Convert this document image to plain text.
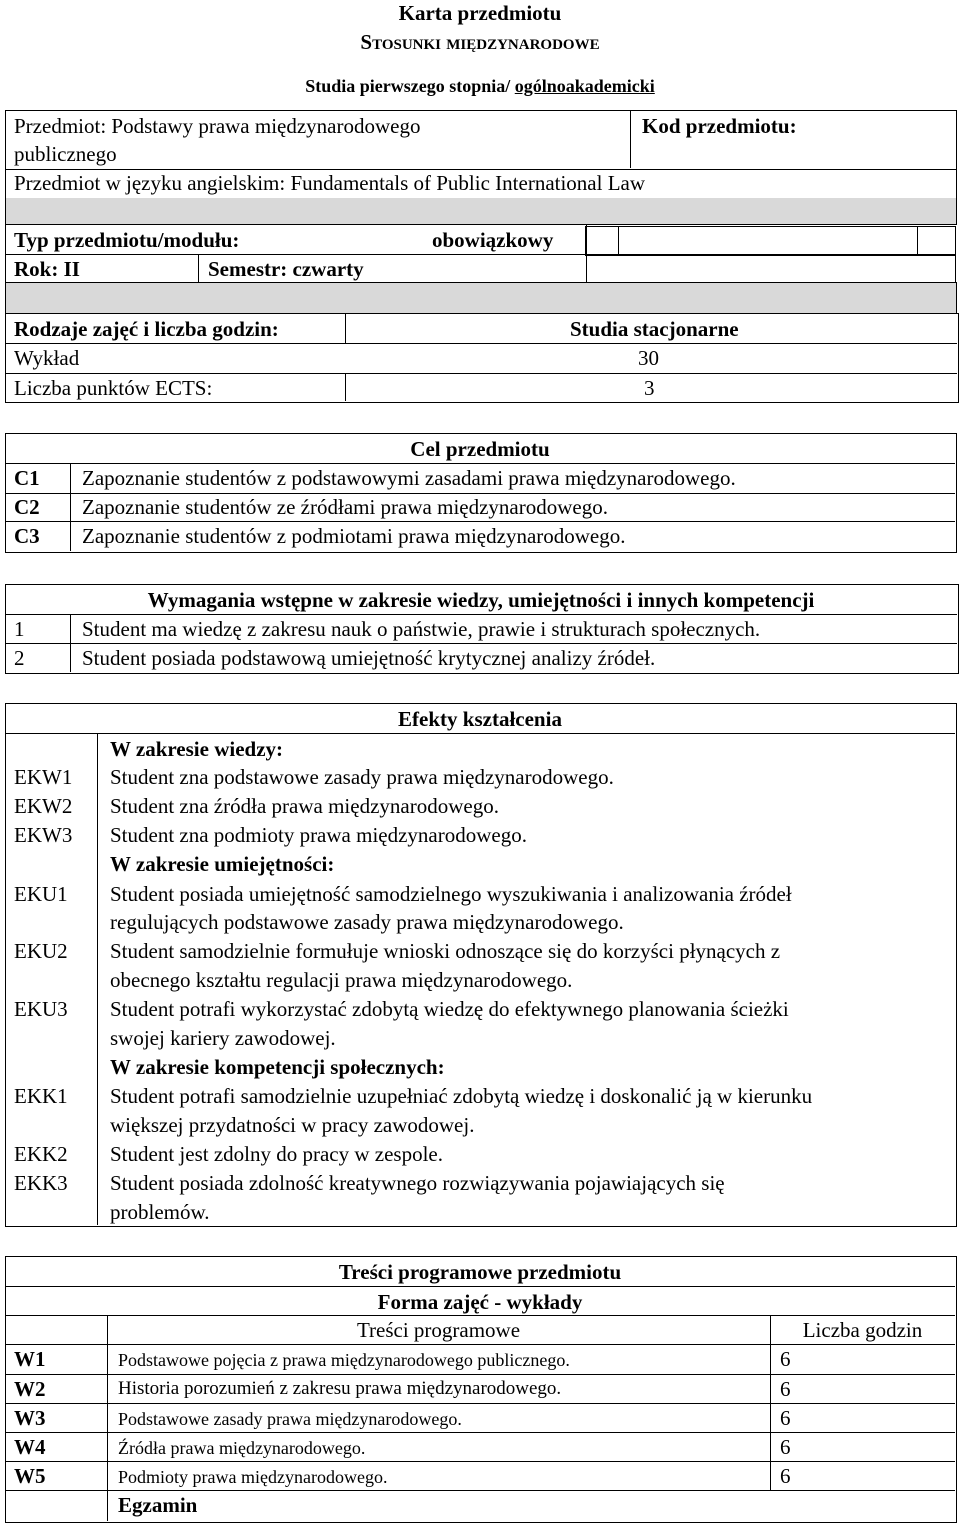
Karta przedmiotu
Stosunki międzynarodowe
Studia pierwszego stopnia/ ogólnoakademicki
Przedmiot: Podstawy prawa międzynarodowego
publicznego
Kod przedmiotu:
Przedmiot w języku angielskim: Fundamentals of Public International Law
Typ przedmiotu/modułu:	obowiązkowy
Rok: II	Semestr: czwarty
Rodzaje zajęć i liczba godzin:	Studia stacjonarne
Wykład	30
Liczba punktów ECTS:	3
Cel przedmiotu
C1 Zapoznanie studentów z podstawowymi zasadami prawa międzynarodowego.
C2 Zapoznanie studentów ze źródłami prawa międzynarodowego.
C3 Zapoznanie studentów z podmiotami prawa międzynarodowego.
Wymagania wstępne w zakresie wiedzy, umiejętności i innych kompetencji
1	Student ma wiedzę z zakresu nauk o państwie, prawie i strukturach społecznych.
2	Student posiada podstawową umiejętność krytycznej analizy źródeł.
Efekty kształcenia
W zakresie wiedzy:
EKW1 Student zna podstawowe zasady prawa międzynarodowego.
EKW2 Student zna źródła prawa międzynarodowego.
EKW3 Student zna podmioty prawa międzynarodowego.
W zakresie umiejętności:
EKU1 Student posiada umiejętność samodzielnego wyszukiwania i analizowania źródeł
regulujących podstawowe zasady prawa międzynarodowego.
EKU2 Student samodzielnie formułuje wnioski odnoszące się do korzyści płynących z
obecnego kształtu regulacji prawa międzynarodowego.
EKU3 Student potrafi wykorzystać zdobytą wiedzę do efektywnego planowania ścieżki
swojej kariery zawodowej.
W zakresie kompetencji społecznych:
EKK1 Student potrafi samodzielnie uzupełniać zdobytą wiedzę i doskonalić ją w kierunku
większej przydatności w pracy zawodowej.
EKK2 Student jest zdolny do pracy w zespole.
EKK3 Student posiada zdolność kreatywnego rozwiązywania pojawiających się
problemów.
Treści programowe przedmiotu
Forma zajęć - wykłady
Treści programowe	Liczba godzin
W1	Podstawowe pojęcia z prawa międzynarodowego publicznego.	6
W2	Historia porozumień z zakresu prawa międzynarodowego.	6
W3	Podstawowe zasady prawa międzynarodowego.	6
W4	Źródła prawa międzynarodowego.	6
W5	Podmioty prawa międzynarodowego.	6
Egzamin
